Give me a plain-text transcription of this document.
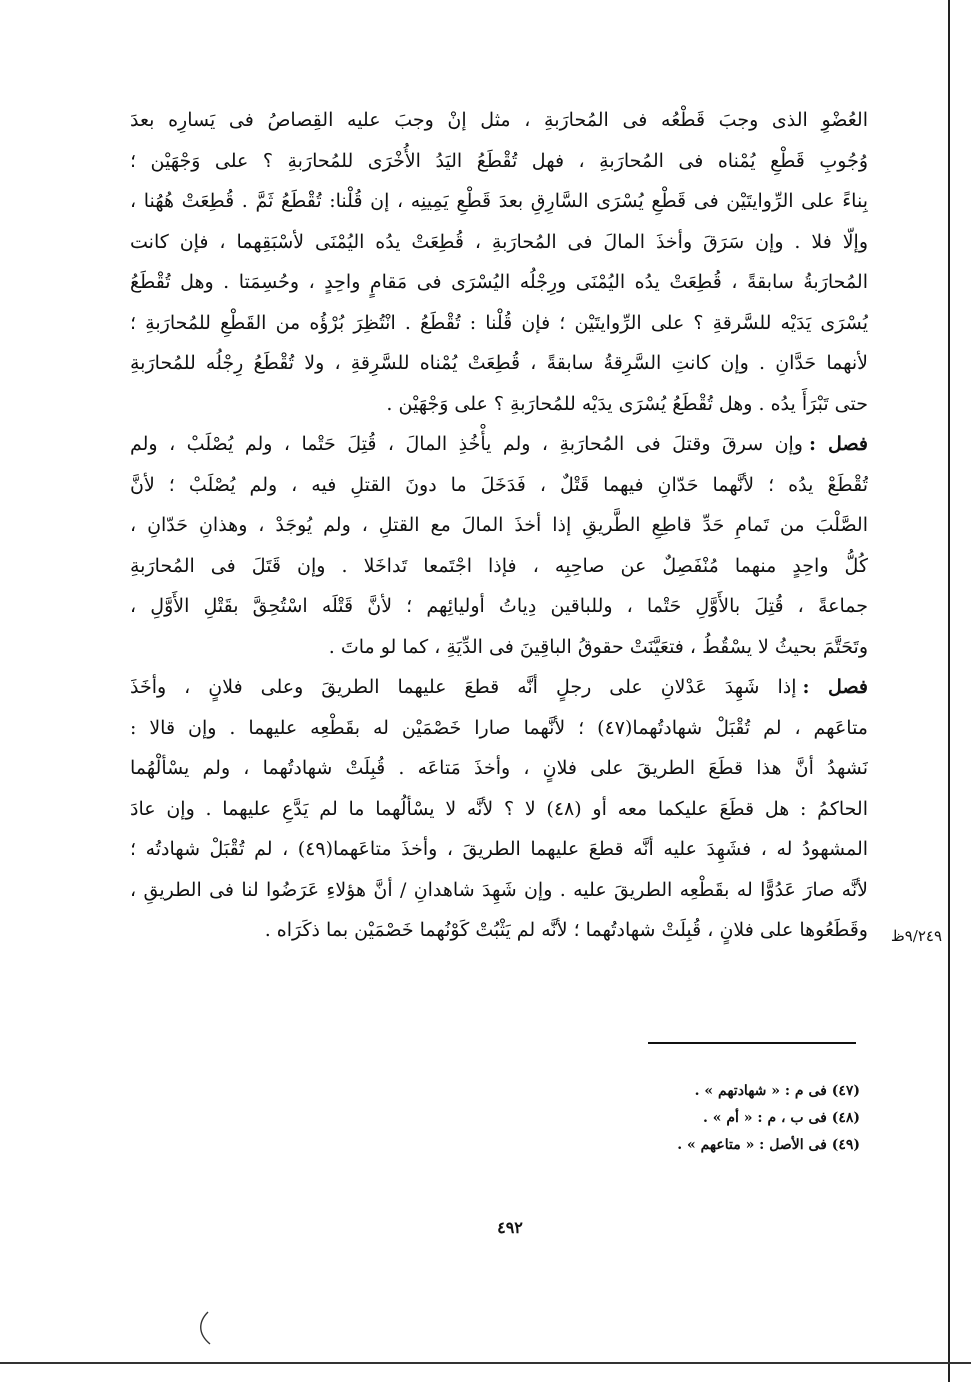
العُضْوِ الذى وجبَ قَطْعُه فى المُحارَبةِ ، مثل إنْ وجبَ عليه القِصاصُ فى يَسارِه بعدَ
وُجُوبِ قَطْعِ يُمْناه فى المُحارَبةِ ، فهل تُقْطَعُ اليَدُ الأُخْرَى للمُحارَبةِ ؟ على وَجْهَيْن ؛
بِناءً على الرِّوايتَيْن فى قَطْعِ يُسْرَى السَّارِقِ بعدَ قَطْعِ يَمِينِه ، إن قُلْنا: تُقْطَعُ ثَمَّ . قُطِعَتْ هُهُنا ،
وإلّا فلا . وإن سَرَقَ وأخذَ المالَ فى المُحارَبةِ ، قُطِعَتْ يدُه اليُمْنَى لأسْبَقِهما ، فإن كانت
المُحارَبةُ سابقةً ، قُطِعَتْ يدُه اليُمْنَى ورِجْلُه اليُسْرَى فى مَقامٍ واحِدٍ ، وحُسِمَتا . وهل تُقْطَعُ
يُسْرَى يَدَيْه للسَّرقةِ ؟ على الرِّوايتَيْن ؛ فإن قُلْنا : تُقْطَعُ . انْتُظِرَ بُرْؤُه من القَطْعِ للمُحارَبةِ ؛
لأنهما حَدَّانِ . وإن كانتِ السَّرِقةُ سابقةً ، قُطِعَتْ يُمْناه للسَّرِقةِ ، ولا تُقْطَعُ رِجْلُه للمُحارَبةِ
حتى تَبْرَأَ يدُه . وهل تُقْطَعُ يُسْرَى يدَيْه للمُحارَبةِ ؟ على وَجْهَيْن .
فصل :وإن سرقَ وقتلَ فى المُحارَبةِ ، ولم يأْخُذِ المالَ ، قُتِلَ حَتْما ، ولم يُصْلَبْ ، ولم
تُقْطَعْ يدُه ؛ لأنَّهما حَدّانِ فيهما قَتْلٌ ، فَدَخَلَ ما دونَ القتلِ فيه ، ولم يُصْلَبْ ؛ لأنَّ
الصَّلْبَ من تَمامِ حَدِّ قاطِعِ الطَّريقِ إذا أخذَ المالَ مع القتلِ ، ولم يُوجَدْ ، وهذانِ حَدّانِ ،
كُلُّ واحِدٍ منهما مُنْفَصِلٌ عن صاحِبِه ، فإذا اجْتَمعا تَداخَلا . وإن قَتَلَ فى المُحارَبةِ
جماعةً ، قُتِلَ بالأَوَّلِ حَتْما ، وللباقين دِياتُ أوليائِهم ؛ لأنَّ قَتْلَه اسْتُحِقَّ بقَتْلِ الأَوَّلِ ،
وتَحَتَّمَ بحيثُ لا يسْقُطُ ، فتعَيَّنَتْ حقوقُ الباقِينَ فى الدِّيَةِ ، كما لو ماتَ .
فصل :إذا شَهِدَ عَدْلانِ على رجلٍ أنَّه قطعَ عليهما الطريقَ وعلى فلانٍ ، وأخَذَ
متاعَهم ، لم تُقْبَلْ شهادتُهما(٤٧) ؛ لأنَّهما صارا خَصْمَيْن له بقَطْعِه عليهما . وإن قالا :
نَشهدُ أنَّ هذا قطَعَ الطريقَ على فلانٍ ، وأخذَ مَتاعَه . قُبِلَتْ شهادتُهما ، ولم يسْألْهُما
الحاكمُ : هل قطَعَ عليكما معه أو (٤٨) لا ؟ لأنَّه لا يسْألُهما ما لم يَدَّعِ عليهما . وإن عادَ
المشهودُ له ، فشَهِدَ عليه أنَّه قطعَ عليهما الطريقَ ، وأخذَ متاعَهما(٤٩) ، لم تُقْبَلْ شهادتُه ؛
لأنَّه صارَ عَدُوًّا له بقَطْعِه الطريقَ عليه . وإن شَهِدَ شاهدانِ / أنَّ هؤلاءِ عَرَضُوا لنا فى الطريقِ ،
وقَطَعُوها على فلانٍ ، قُبِلَتْ شهادتُهما ؛ لأنَّه لم يَثْبُتْ كَوْنُهما خَصْمَيْن بما ذكَرَاه .	٩/٢٤٩ظ
(٤٧) فى م : « شهادتهم » .
(٤٨) فى ب ، م : « أم » .
(٤٩) فى الأصل : « متاعهم » .
٤٩٢
